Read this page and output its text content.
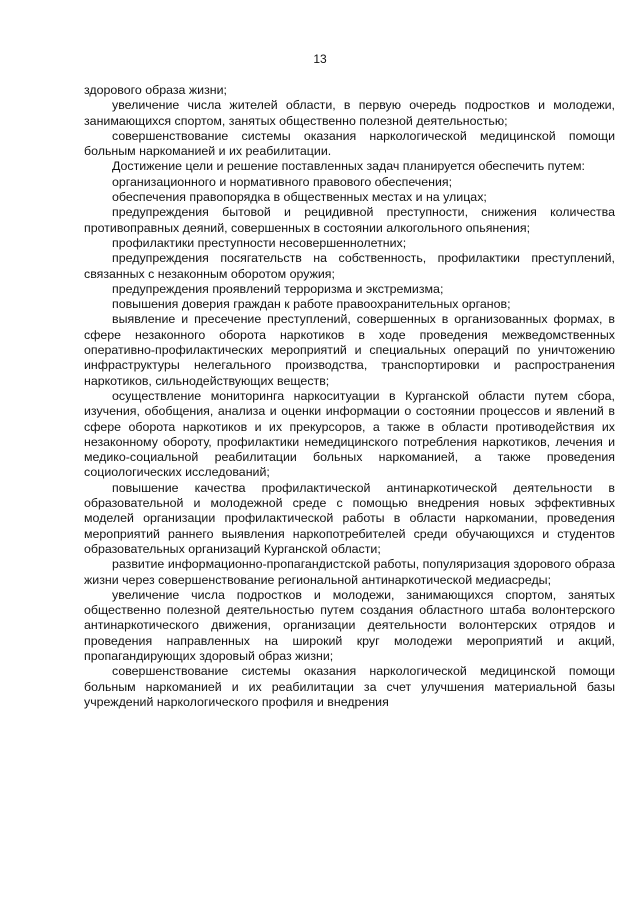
13

здорового образа жизни;

увеличение числа жителей области, в первую очередь подростков и молодежи, занимающихся спортом, занятых общественно полезной деятельностью;

совершенствование системы оказания наркологической медицинской помощи больным наркоманией и их реабилитации.

Достижение цели и решение поставленных задач планируется обеспечить путем:

организационного и нормативного правового обеспечения;

обеспечения правопорядка в общественных местах и на улицах;

предупреждения бытовой и рецидивной преступности, снижения количества противоправных деяний, совершенных в состоянии алкогольного опьянения;

профилактики преступности несовершеннолетних;

предупреждения посягательств на собственность, профилактики преступлений, связанных с незаконным оборотом оружия;

предупреждения проявлений терроризма и экстремизма;

повышения доверия граждан к работе правоохранительных органов;

выявление и пресечение преступлений, совершенных в организованных формах, в сфере незаконного оборота наркотиков в ходе проведения межведомственных оперативно-профилактических мероприятий и специальных операций по уничтожению инфраструктуры нелегального производства, транспортировки и распространения наркотиков, сильнодействующих веществ;

осуществление мониторинга наркоситуации в Курганской области путем сбора, изучения, обобщения, анализа и оценки информации о состоянии процессов и явлений в сфере оборота наркотиков и их прекурсоров, а также в области противодействия их незаконному обороту, профилактики немедицинского потребления наркотиков, лечения и медико-социальной реабилитации больных наркоманией, а также проведения социологических исследований;

повышение качества профилактической антинаркотической деятельности в образовательной и молодежной среде с помощью внедрения новых эффективных моделей организации профилактической работы в области наркомании, проведения мероприятий раннего выявления наркопотребителей среди обучающихся и студентов образовательных организаций Курганской области;

развитие информационно-пропагандистской работы, популяризация здорового образа жизни через совершенствование региональной антинаркотической медиасреды;

увеличение числа подростков и молодежи, занимающихся спортом, занятых общественно полезной деятельностью путем создания областного штаба волонтерского антинаркотического движения, организации деятельности волонтерских отрядов и проведения направленных на широкий круг молодежи мероприятий и акций, пропагандирующих здоровый образ жизни;

совершенствование системы оказания наркологической медицинской помощи больным наркоманией и их реабилитации за счет улучшения материальной базы учреждений наркологического профиля и внедрения
